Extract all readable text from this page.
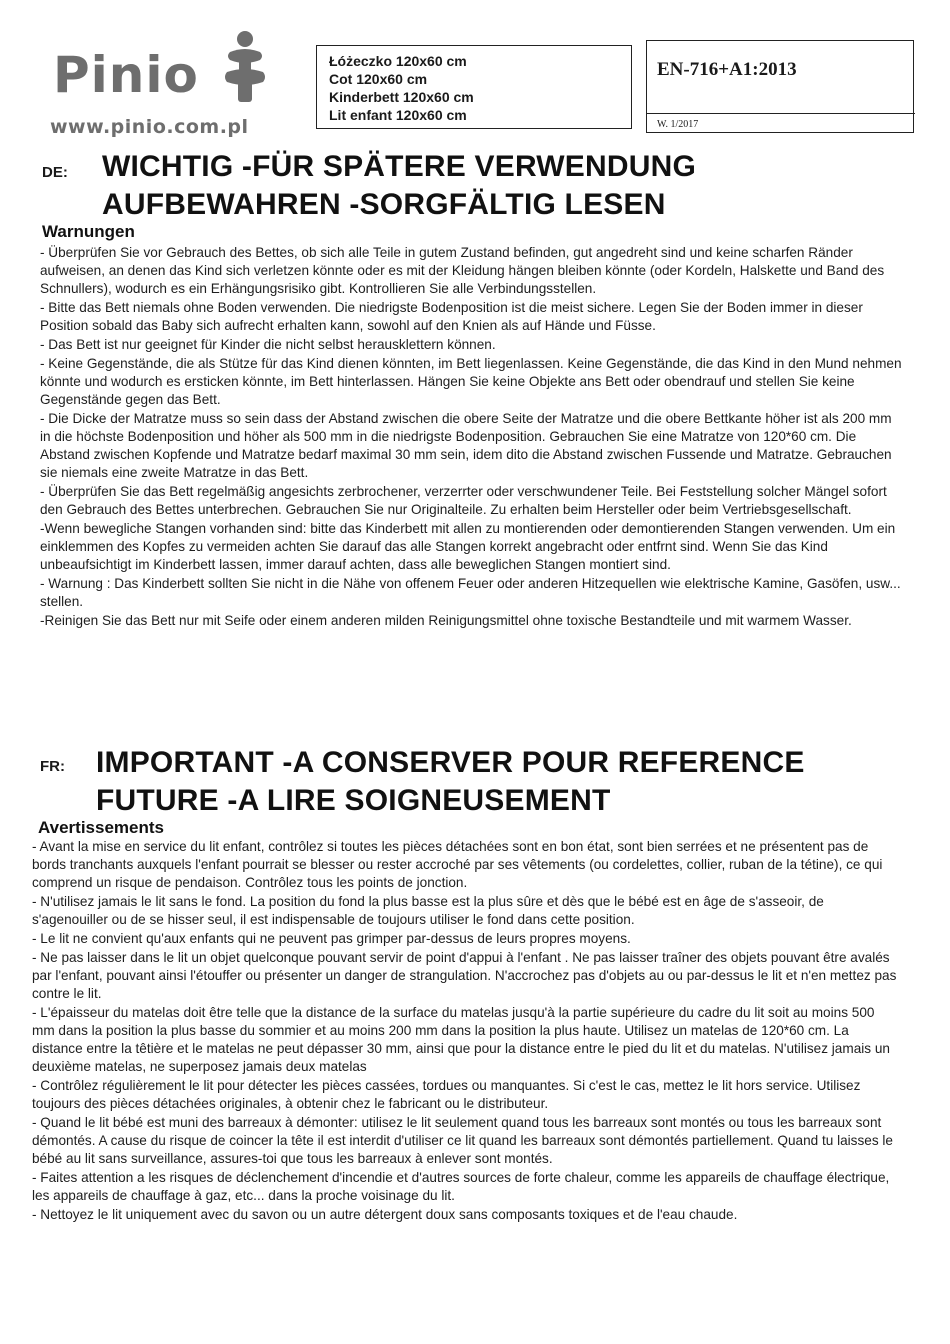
Pinio
www.pinio.com.pl
Łóżeczko 120x60 cm
Cot 120x60 cm
Kinderbett 120x60 cm
Lit enfant 120x60 cm
EN-716+A1:2013
W. 1/2017
DE: WICHTIG -FÜR SPÄTERE VERWENDUNG
AUFBEWAHREN -SORGFÄLTIG LESEN
Warnungen
- Überprüfen Sie vor Gebrauch des Bettes, ob sich alle Teile in gutem Zustand befinden, gut angedreht sind und keine scharfen Ränder aufweisen, an denen das Kind sich verletzen könnte oder es mit der Kleidung hängen bleiben könnte (oder Kordeln, Halskette und Band des Schnullers), wodurch es ein Erhängungsrisiko gibt. Kontrollieren Sie alle Verbindungsstellen.
- Bitte das Bett niemals ohne Boden verwenden. Die niedrigste Bodenposition ist die meist sichere. Legen Sie der Boden immer in dieser Position sobald das Baby sich aufrecht erhalten kann, sowohl auf den Knien als auf Hände und Füsse.
- Das Bett ist nur geeignet für Kinder die nicht selbst herausklettern können.
- Keine Gegenstände, die als Stütze für das Kind dienen könnten, im Bett liegenlassen. Keine Gegenstände, die das Kind in den Mund nehmen könnte und wodurch es ersticken könnte, im Bett hinterlassen. Hängen Sie keine Objekte ans Bett oder obendrauf und stellen Sie keine Gegenstände gegen das Bett.
- Die Dicke der Matratze muss so sein dass der Abstand zwischen die obere Seite der Matratze und die obere Bettkante höher ist als 200 mm in die höchste Bodenposition und höher als 500 mm in die niedrigste Bodenposition. Gebrauchen Sie eine Matratze von 120*60 cm. Die Abstand zwischen Kopfende und Matratze bedarf maximal 30 mm sein, idem dito die Abstand zwischen Fussende und Matratze. Gebrauchen sie niemals eine zweite Matratze in das Bett.
- Überprüfen Sie das Bett regelmäßig angesichts zerbrochener, verzerrter oder verschwundener Teile. Bei Feststellung solcher Mängel sofort den Gebrauch des Bettes unterbrechen. Gebrauchen Sie nur Originalteile. Zu erhalten beim Hersteller oder beim Vertriebsgesellschaft.
-Wenn bewegliche Stangen vorhanden sind: bitte das Kinderbett mit allen zu montierenden oder demontierenden Stangen verwenden. Um ein einklemmen des Kopfes zu vermeiden achten Sie darauf das alle Stangen korrekt angebracht oder entfrnt sind. Wenn Sie das Kind unbeaufsichtigt im Kinderbett lassen, immer darauf achten, dass alle beweglichen Stangen montiert sind.
- Warnung : Das Kinderbett sollten Sie nicht in die Nähe von offenem Feuer oder anderen Hitzequellen wie elektrische Kamine, Gasöfen, usw... stellen.
-Reinigen Sie das Bett nur mit Seife oder einem anderen milden Reinigungsmittel ohne toxische Bestandteile und mit warmem Wasser.
FR: IMPORTANT -A CONSERVER POUR REFERENCE
FUTURE -A LIRE SOIGNEUSEMENT
Avertissements
- Avant la mise en service du lit enfant, contrôlez si toutes les pièces détachées sont en bon état, sont bien serrées et ne présentent pas de bords tranchants auxquels l'enfant pourrait se blesser ou rester accroché par ses vêtements (ou cordelettes, collier, ruban de la tétine), ce qui comprend un risque de pendaison. Contrôlez tous les points de jonction.
- N'utilisez jamais le lit sans le fond. La position du fond la plus basse est la plus sûre et dès que le bébé est en âge de s'asseoir, de s'agenouiller ou de se hisser seul, il est indispensable de toujours utiliser le fond dans cette position.
- Le lit ne convient qu'aux enfants qui ne peuvent pas grimper par-dessus de leurs propres moyens.
- Ne pas laisser dans le lit un objet quelconque pouvant servir de point d'appui à l'enfant . Ne pas laisser traîner des objets pouvant être avalés par l'enfant, pouvant ainsi l'étouffer ou présenter un danger de strangulation. N'accrochez pas d'objets au ou par-dessus le lit et n'en mettez pas contre le lit.
- L'épaisseur du matelas doit être telle que la distance de la surface du matelas jusqu'à la partie supérieure du cadre du lit soit au moins 500 mm dans la position la plus basse du sommier et au moins 200 mm dans la position la plus haute. Utilisez un matelas de 120*60 cm. La distance entre la têtière et le matelas ne peut dépasser 30 mm, ainsi que pour la distance entre le pied du lit et du matelas. N'utilisez jamais un deuxième matelas, ne superposez jamais deux matelas
- Contrôlez régulièrement le lit pour détecter les pièces cassées, tordues ou manquantes. Si c'est le cas, mettez le lit hors service. Utilisez toujours des pièces détachées originales, à obtenir chez le fabricant ou le distributeur.
- Quand le lit bébé est muni des barreaux à démonter: utilisez le lit seulement quand tous les barreaux sont montés ou tous les barreaux sont démontés. A cause du risque de coincer la tête il est interdit d'utiliser ce lit quand les barreaux sont démontés partiellement. Quand tu laisses le bébé au lit sans surveillance, assures-toi que tous les barreaux à enlever sont montés.
- Faites attention a les risques de déclenchement d'incendie et d'autres sources de forte chaleur, comme les appareils de chauffage électrique, les appareils de chauffage à gaz, etc... dans la proche voisinage du lit.
- Nettoyez le lit uniquement avec du savon ou un autre détergent doux sans composants toxiques et de l'eau chaude.
